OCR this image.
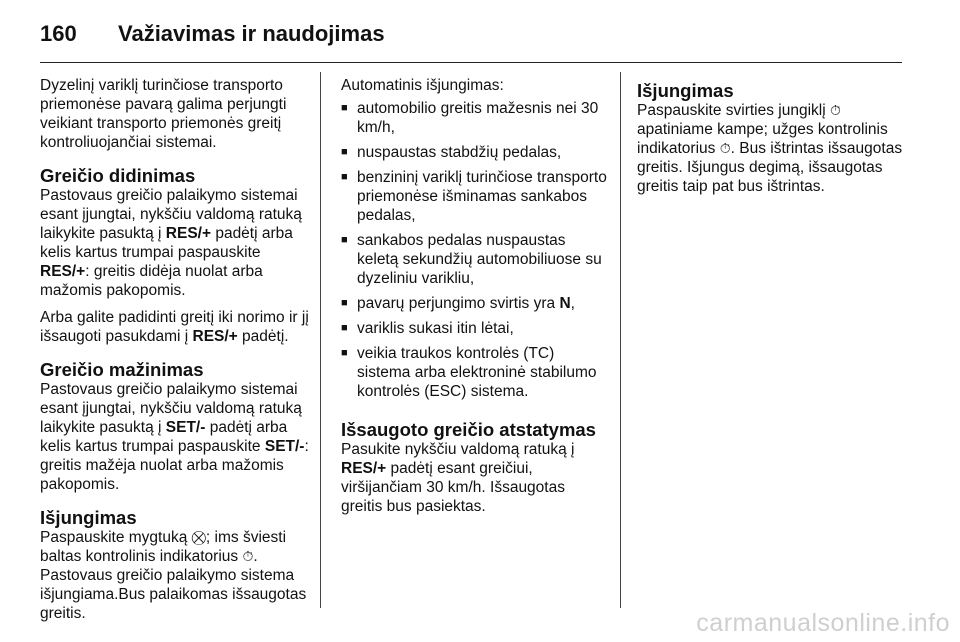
160	Važiavimas ir naudojimas

Dyzelinį variklį turinčiose transporto priemonėse pavarą galima perjungti veikiant transporto priemonės greitį kontroliuojančiai sistemai.

Greičio didinimas

Pastovaus greičio palaikymo sistemai esant įjungtai, nykščiu valdomą ratuką laikykite pasuktą į RES/+ padėtį arba kelis kartus trumpai paspauskite RES/+: greitis didėja nuolat arba mažomis pakopomis.

Arba galite padidinti greitį iki norimo ir jį išsaugoti pasukdami į RES/+ padėtį.

Greičio mažinimas

Pastovaus greičio palaikymo sistemai esant įjungtai, nykščiu valdomą ratuką laikykite pasuktą į SET/- padėtį arba kelis kartus trumpai paspauskite SET/-: greitis mažėja nuolat arba mažomis pakopomis.

Išjungimas

Paspauskite mygtuką ⛒; ims šviesti baltas kontrolinis indikatorius ⏱. Pastovaus greičio palaikymo sistema išjungiama.Bus palaikomas išsaugotas greitis.

Automatinis išjungimas:

■ automobilio greitis mažesnis nei 30 km/h,
■ nuspaustas stabdžių pedalas,
■ benzininį variklį turinčiose transporto priemonėse išminamas sankabos pedalas,
■ sankabos pedalas nuspaustas keletą sekundžių automobiliuose su dyzeliniu varikliu,
■ pavarų perjungimo svirtis yra N,
■ variklis sukasi itin lėtai,
■ veikia traukos kontrolės (TC) sistema arba elektroninė stabilumo kontrolės (ESC) sistema.
Išsaugoto greičio atstatymas

Pasukite nykščiu valdomą ratuką į RES/+ padėtį esant greičiui, viršijančiam 30 km/h. Išsaugotas greitis bus pasiektas.

Išjungimas

Paspauskite svirties jungiklį ⏱ apatiniame kampe; užges kontrolinis indikatorius ⏱. Bus ištrintas išsaugotas greitis. Išjungus degimą, išsaugotas greitis taip pat bus ištrintas.

carmanualsonline.info
